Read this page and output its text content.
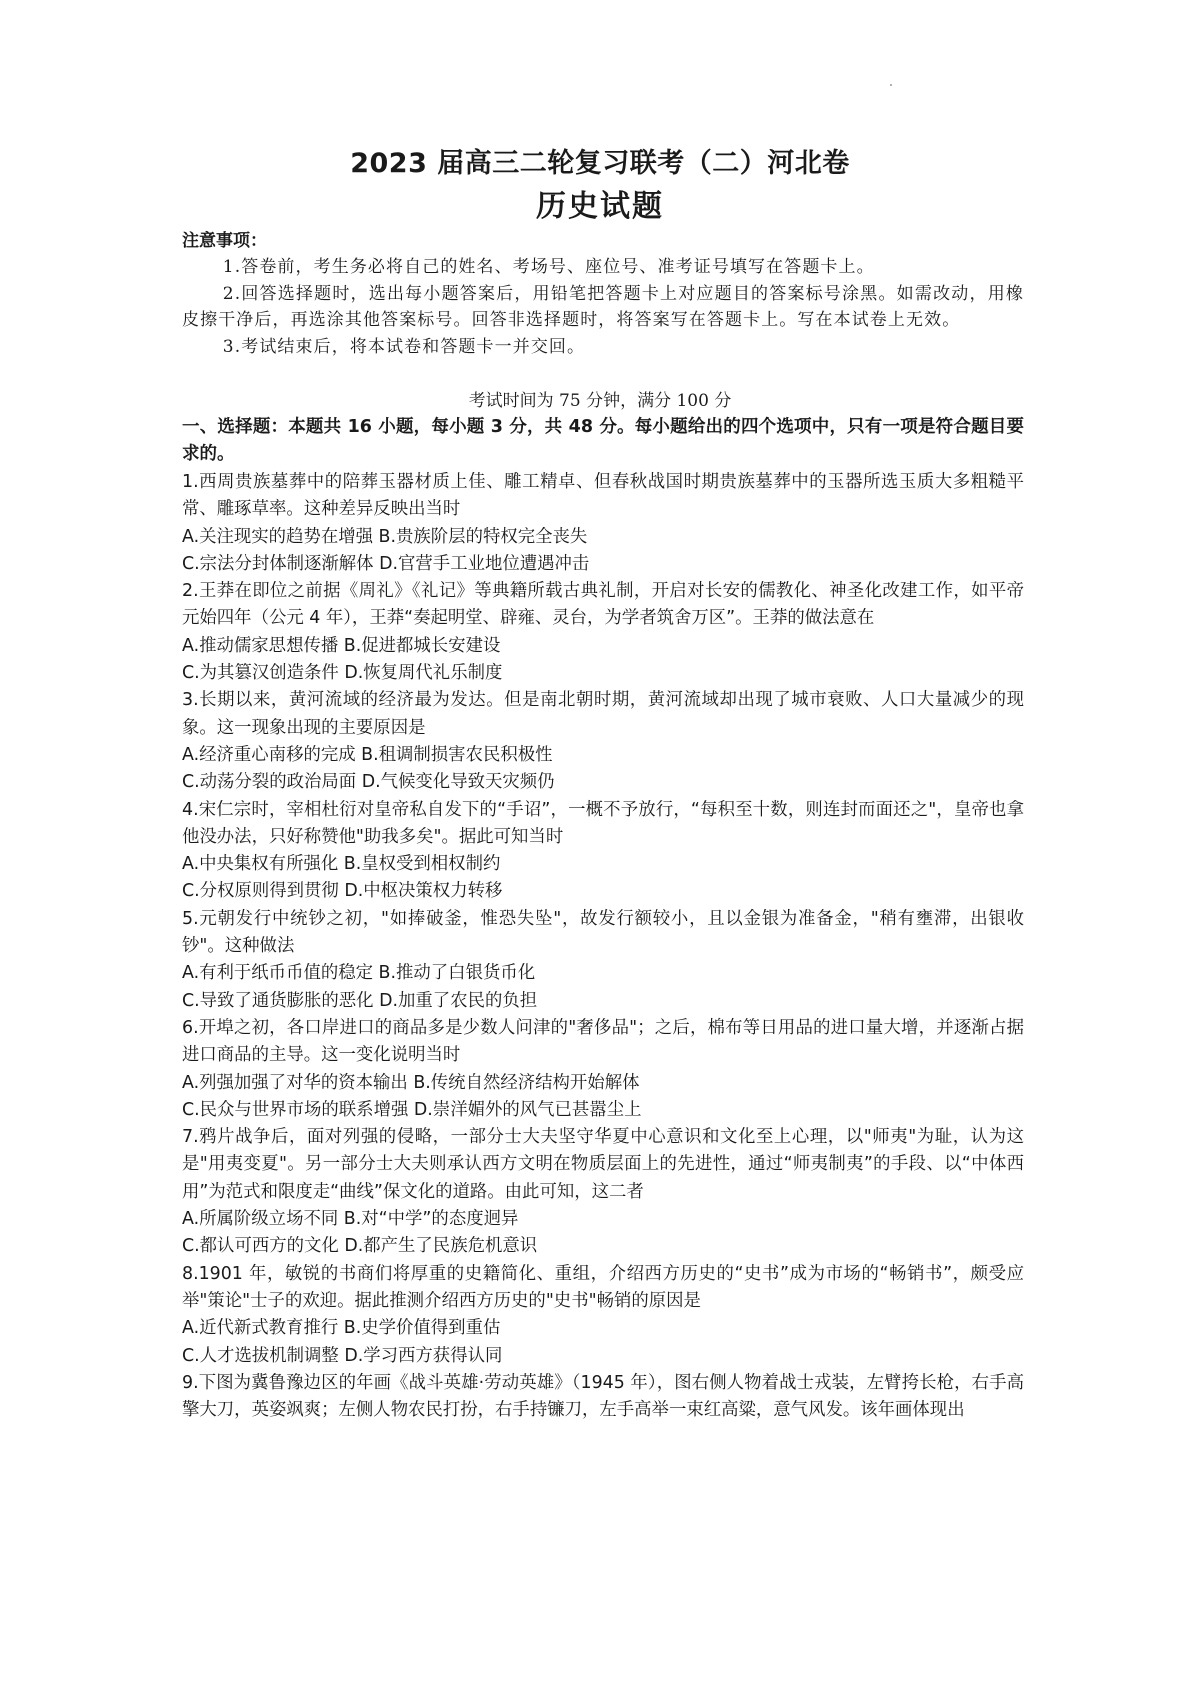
2023 届高三二轮复习联考（二）河北卷
历史试题
注意事项：

1.答卷前，考生务必将自己的姓名、考场号、座位号、准考证号填写在答题卡上。

2.回答选择题时，选出每小题答案后，用铅笔把答题卡上对应题目的答案标号涂黑。如需改动，用橡皮擦干净后，再选涂其他答案标号。回答非选择题时，将答案写在答题卡上。写在本试卷上无效。

3.考试结束后，将本试卷和答题卡一并交回。

考试时间为 75 分钟，满分 100 分
一、选择题：本题共 16 小题，每小题 3 分，共 48 分。每小题给出的四个选项中，只有一项是符合题目要求的。

1.西周贵族墓葬中的陪葬玉器材质上佳、雕工精卓、但春秋战国时期贵族墓葬中的玉器所选玉质大多粗糙平常、雕琢草率。这种差异反映出当时

A.关注现实的趋势在增强 B.贵族阶层的特权完全丧失

C.宗法分封体制逐渐解体 D.官营手工业地位遭遇冲击

2.王莽在即位之前据《周礼》《礼记》等典籍所载古典礼制，开启对长安的儒教化、神圣化改建工作，如平帝元始四年（公元 4 年），王莽“奏起明堂、辟雍、灵台，为学者筑舍万区”。王莽的做法意在

A.推动儒家思想传播 B.促进都城长安建设

C.为其篡汉创造条件 D.恢复周代礼乐制度

3.长期以来，黄河流域的经济最为发达。但是南北朝时期，黄河流域却出现了城市衰败、人口大量减少的现象。这一现象出现的主要原因是

A.经济重心南移的完成 B.租调制损害农民积极性

C.动荡分裂的政治局面 D.气候变化导致天灾频仍

4.宋仁宗时，宰相杜衍对皇帝私自发下的“手诏”，一概不予放行，“每积至十数，则连封而面还之"，皇帝也拿他没办法，只好称赞他"助我多矣"。据此可知当时

A.中央集权有所强化 B.皇权受到相权制约

C.分权原则得到贯彻 D.中枢决策权力转移

5.元朝发行中统钞之初，"如捧破釜，惟恐失坠"，故发行额较小，且以金银为准备金，"稍有壅滞，出银收钞"。这种做法

A.有利于纸币币值的稳定 B.推动了白银货币化

C.导致了通货膨胀的恶化 D.加重了农民的负担

6.开埠之初，各口岸进口的商品多是少数人问津的"奢侈品"；之后，棉布等日用品的进口量大增，并逐渐占据进口商品的主导。这一变化说明当时

A.列强加强了对华的资本输出 B.传统自然经济结构开始解体

C.民众与世界市场的联系增强 D.崇洋媚外的风气已甚嚣尘上

7.鸦片战争后，面对列强的侵略，一部分士大夫坚守华夏中心意识和文化至上心理，以"师夷"为耻，认为这是"用夷变夏"。另一部分士大夫则承认西方文明在物质层面上的先进性，通过“师夷制夷”的手段、以“中体西用”为范式和限度走“曲线”保文化的道路。由此可知，这二者

A.所属阶级立场不同 B.对“中学”的态度迥异

C.都认可西方的文化 D.都产生了民族危机意识

8.1901 年，敏锐的书商们将厚重的史籍简化、重组，介绍西方历史的“史书”成为市场的“畅销书”，颇受应举"策论"士子的欢迎。据此推测介绍西方历史的"史书"畅销的原因是

A.近代新式教育推行 B.史学价值得到重估

C.人才选拔机制调整 D.学习西方获得认同

9.下图为冀鲁豫边区的年画《战斗英雄·劳动英雄》（1945 年），图右侧人物着战士戎装，左臂挎长枪，右手高擎大刀，英姿飒爽；左侧人物农民打扮，右手持镰刀，左手高举一束红高粱，意气风发。该年画体现出
